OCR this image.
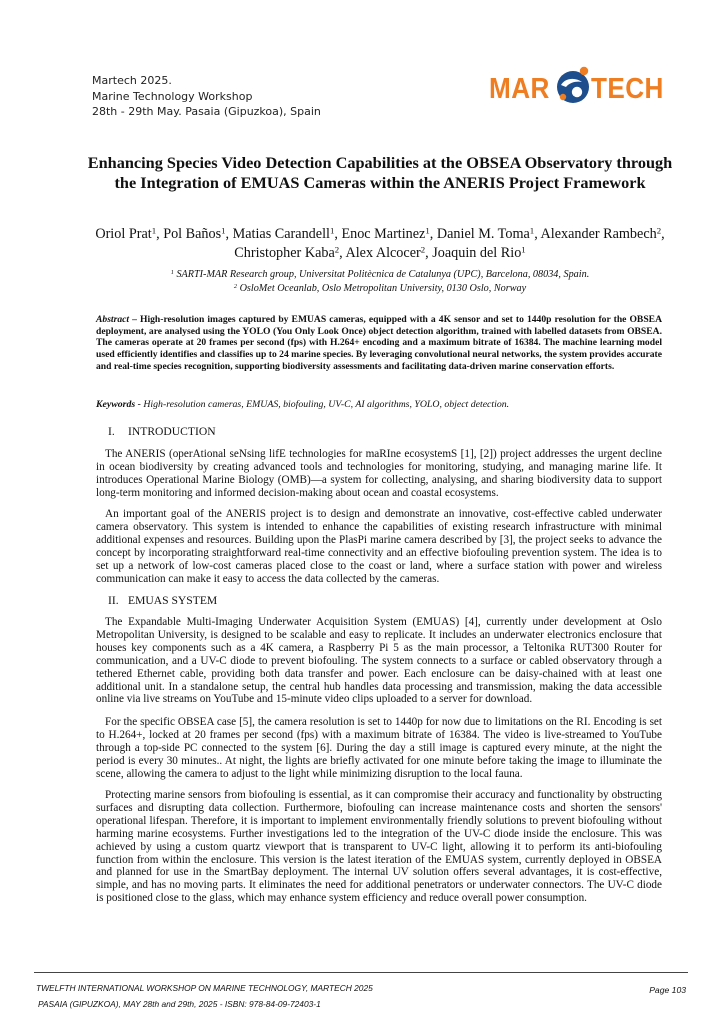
Martech 2025.
Marine Technology Workshop
28th - 29th May. Pasaia (Gipuzkoa), Spain
MAR TECH
Enhancing Species Video Detection Capabilities at the OBSEA Observatory through the Integration of EMUAS Cameras within the ANERIS Project Framework
Oriol Prat$^1$, Pol Baños$^1$, Matias Carandell$^1$, Enoc Martinez$^1$, Daniel M. Toma$^1$, Alexander Rambech$^2$, Christopher Kaba$^2$, Alex Alcocer$^2$, Joaquin del Rio$^1$
$^1$ SARTI-MAR Research group, Universitat Politècnica de Catalunya (UPC), Barcelona, 08034, Spain.
$^2$ OsloMet Oceanlab, Oslo Metropolitan University, 0130 Oslo, Norway
Abstract – High-resolution images captured by EMUAS cameras, equipped with a 4K sensor and set to 1440p resolution for the OBSEA deployment, are analysed using the YOLO (You Only Look Once) object detection algorithm, trained with labelled datasets from OBSEA. The cameras operate at 20 frames per second (fps) with H.264+ encoding and a maximum bitrate of 16384. The machine learning model used efficiently identifies and classifies up to 24 marine species. By leveraging convolutional neural networks, the system provides accurate and real-time species recognition, supporting biodiversity assessments and facilitating data-driven marine conservation efforts.
Keywords - High-resolution cameras, EMUAS, biofouling, UV-C, AI algorithms, YOLO, object detection.
I. INTRODUCTION
The ANERIS (operAtional seNsing lifE technologies for maRIne ecosystemS [1], [2]) project addresses the urgent decline in ocean biodiversity by creating advanced tools and technologies for monitoring, studying, and managing marine life. It introduces Operational Marine Biology (OMB)—a system for collecting, analysing, and sharing biodiversity data to support long-term monitoring and informed decision-making about ocean and coastal ecosystems.
An important goal of the ANERIS project is to design and demonstrate an innovative, cost-effective cabled underwater camera observatory. This system is intended to enhance the capabilities of existing research infrastructure with minimal additional expenses and resources. Building upon the PlasPi marine camera described by [3], the project seeks to advance the concept by incorporating straightforward real-time connectivity and an effective biofouling prevention system. The idea is to set up a network of low-cost cameras placed close to the coast or land, where a surface station with power and wireless communication can make it easy to access the data collected by the cameras.
II. EMUAS SYSTEM
The Expandable Multi-Imaging Underwater Acquisition System (EMUAS) [4], currently under development at Oslo Metropolitan University, is designed to be scalable and easy to replicate. It includes an underwater electronics enclosure that houses key components such as a 4K camera, a Raspberry Pi 5 as the main processor, a Teltonika RUT300 Router for communication, and a UV-C diode to prevent biofouling. The system connects to a surface or cabled observatory through a tethered Ethernet cable, providing both data transfer and power. Each enclosure can be daisy-chained with at least one additional unit. In a standalone setup, the central hub handles data processing and transmission, making the data accessible online via live streams on YouTube and 15-minute video clips uploaded to a server for download.
For the specific OBSEA case [5], the camera resolution is set to 1440p for now due to limitations on the RI. Encoding is set to H.264+, locked at 20 frames per second (fps) with a maximum bitrate of 16384. The video is live-streamed to YouTube through a top-side PC connected to the system [6]. During the day a still image is captured every minute, at the night the period is every 30 minutes.. At night, the lights are briefly activated for one minute before taking the image to illuminate the scene, allowing the camera to adjust to the light while minimizing disruption to the local fauna.
Protecting marine sensors from biofouling is essential, as it can compromise their accuracy and functionality by obstructing surfaces and disrupting data collection. Furthermore, biofouling can increase maintenance costs and shorten the sensors' operational lifespan. Therefore, it is important to implement environmentally friendly solutions to prevent biofouling without harming marine ecosystems. Further investigations led to the integration of the UV-C diode inside the enclosure. This was achieved by using a custom quartz viewport that is transparent to UV-C light, allowing it to perform its anti-biofouling function from within the enclosure. This version is the latest iteration of the EMUAS system, currently deployed in OBSEA and planned for use in the SmartBay deployment. The internal UV solution offers several advantages, it is cost-effective, simple, and has no moving parts. It eliminates the need for additional penetrators or underwater connectors. The UV-C diode is positioned close to the glass, which may enhance system efficiency and reduce overall power consumption.
TWELFTH INTERNATIONAL WORKSHOP ON MARINE TECHNOLOGY, MARTECH 2025
PASAIA (GIPUZKOA), MAY 28th and 29th, 2025 - ISBN: 978-84-09-72403-1
Page 103
